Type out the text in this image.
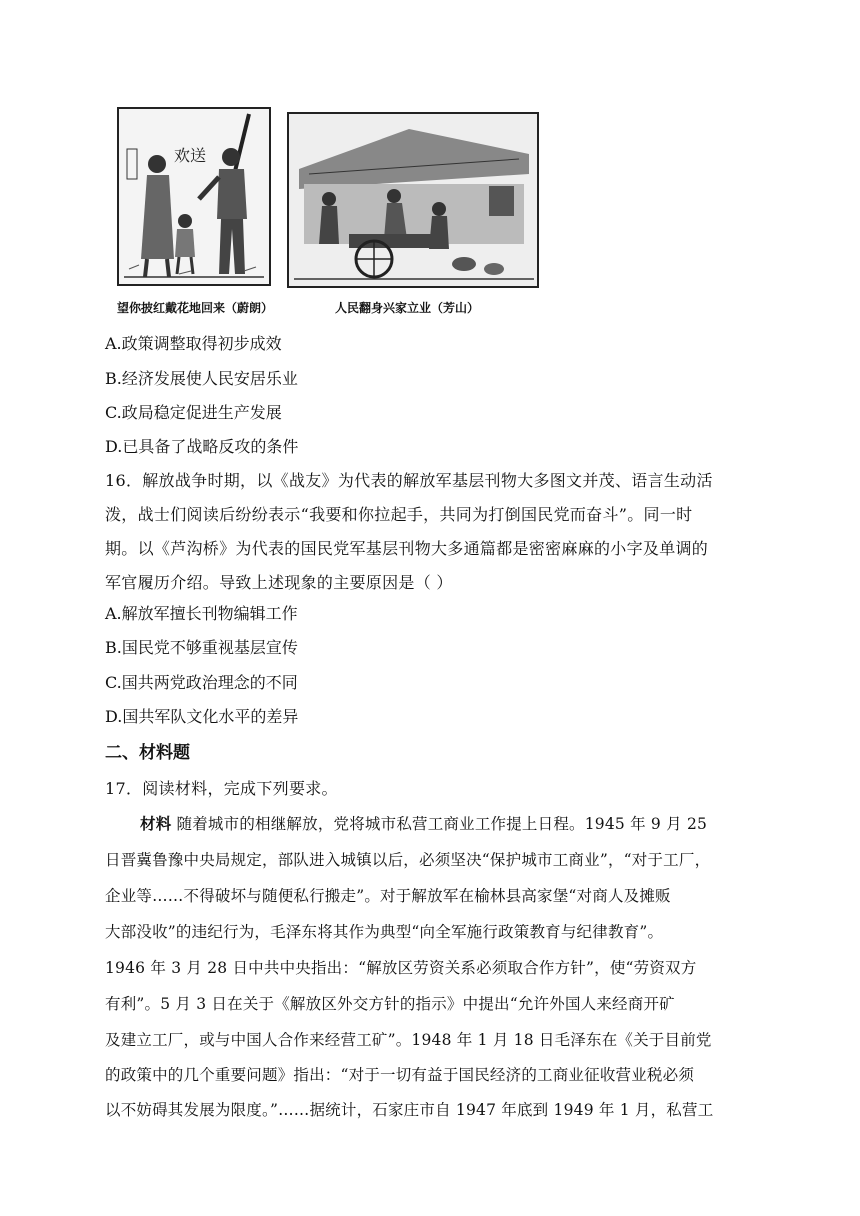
欢送
望你披红戴花地回来（蔚朗）	人民翻身兴家立业（芳山）
A.政策调整取得初步成效
B.经济发展使人民安居乐业
C.政局稳定促进生产发展
D.已具备了战略反攻的条件
16．解放战争时期，以《战友》为代表的解放军基层刊物大多图文并茂、语言生动活
泼，战士们阅读后纷纷表示“我要和你拉起手，共同为打倒国民党而奋斗”。同一时
期。以《芦沟桥》为代表的国民党军基层刊物大多通篇都是密密麻麻的小字及单调的
军官履历介绍。导致上述现象的主要原因是（ ）
A.解放军擅长刊物编辑工作
B.国民党不够重视基层宣传
C.国共两党政治理念的不同
D.国共军队文化水平的差异
二、材料题
17．阅读材料，完成下列要求。
材料 随着城市的相继解放，党将城市私营工商业工作提上日程。1945 年 9 月 25
日晋冀鲁豫中央局规定，部队进入城镇以后，必须坚决“保护城市工商业”，“对于工厂，
企业等……不得破坏与随便私行搬走”。对于解放军在榆林县高家堡“对商人及摊贩
大部没收”的违纪行为，毛泽东将其作为典型“向全军施行政策教育与纪律教育”。
1946 年 3 月 28 日中共中央指出：“解放区劳资关系必须取合作方针”，使“劳资双方
有利”。5 月 3 日在关于《解放区外交方针的指示》中提出“允许外国人来经商开矿
及建立工厂，或与中国人合作来经营工矿”。1948 年 1 月 18 日毛泽东在《关于目前党
的政策中的几个重要问题》指出：“对于一切有益于国民经济的工商业征收营业税必须
以不妨碍其发展为限度。”……据统计，石家庄市自 1947 年底到 1949 年 1 月，私营工
